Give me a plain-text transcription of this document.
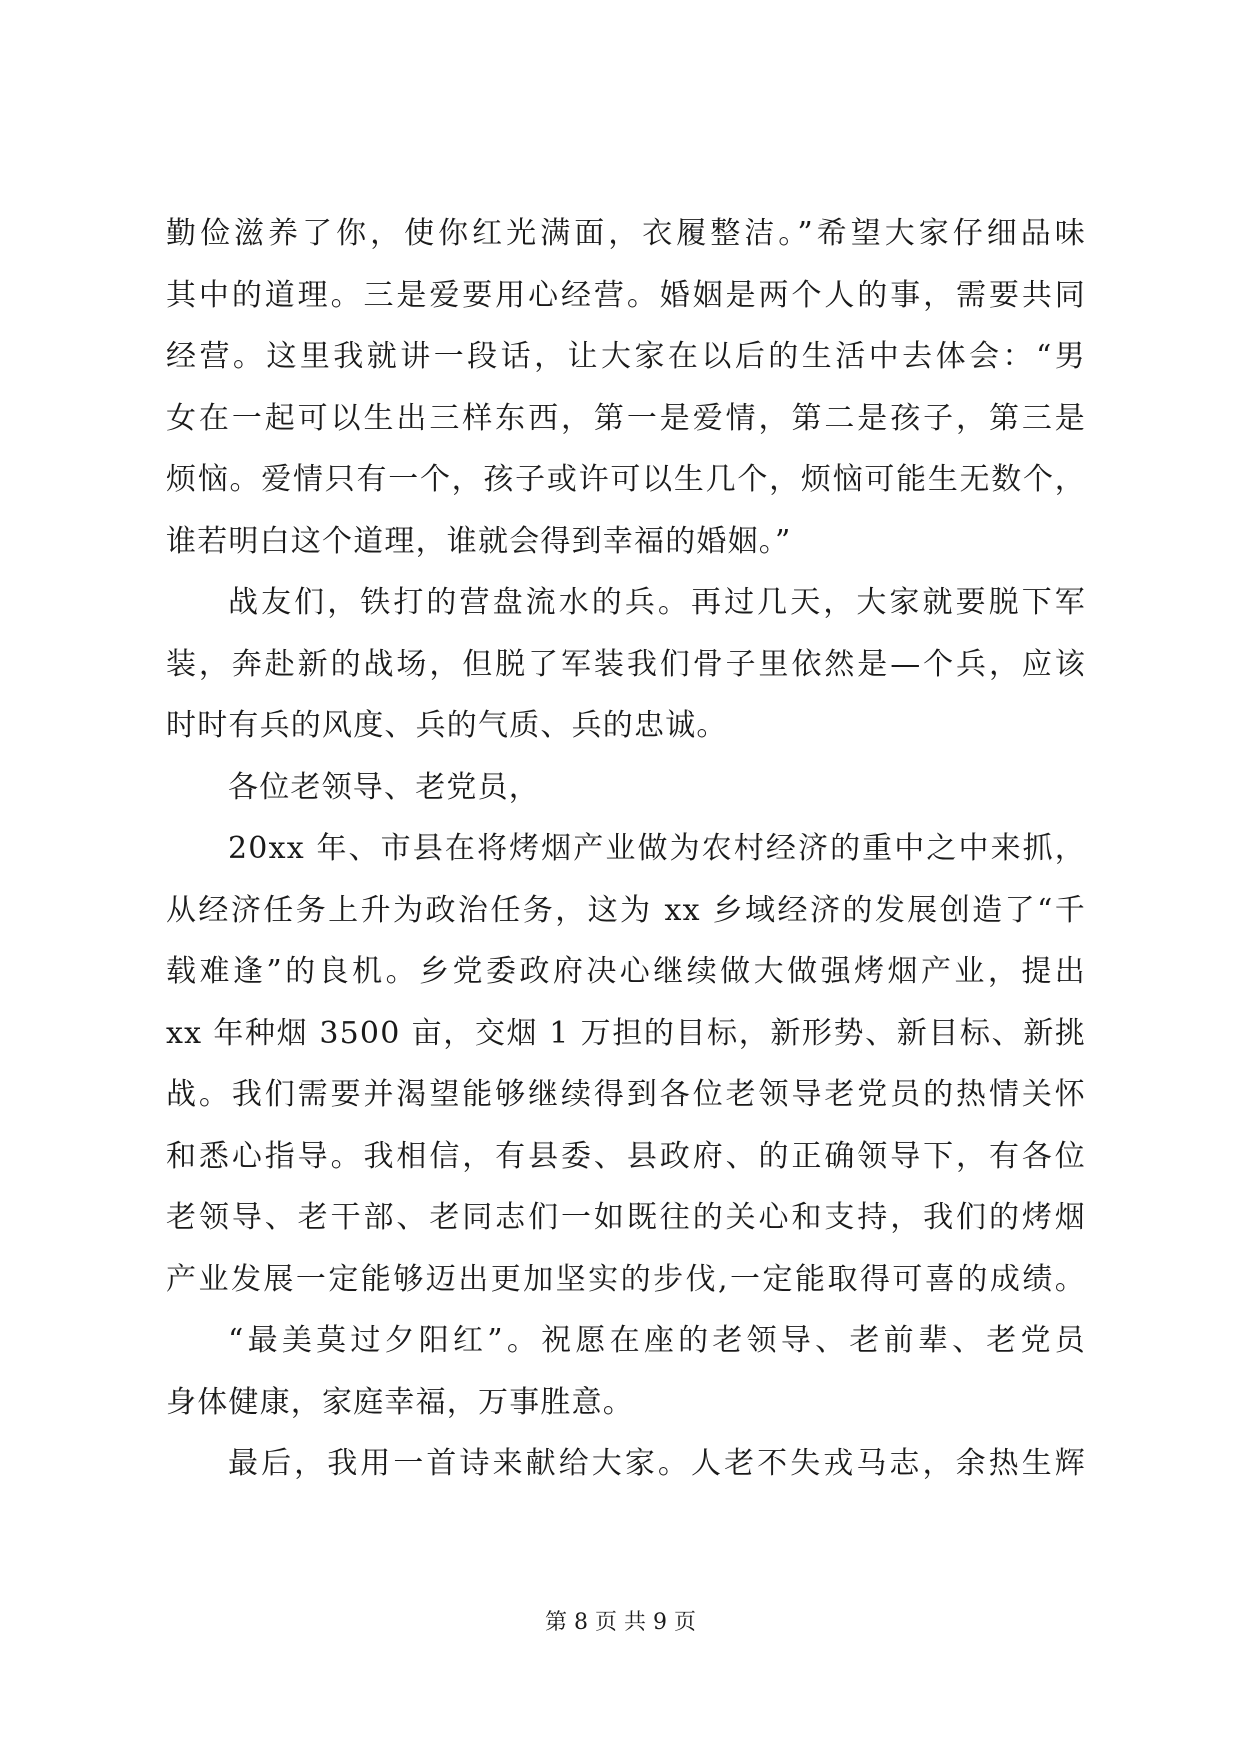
勤俭滋养了你，使你红光满面，衣履整洁。”希望大家仔细品味
其中的道理。三是爱要用心经营。婚姻是两个人的事，需要共同
经营。这里我就讲一段话，让大家在以后的生活中去体会：“男
女在一起可以生出三样东西，第一是爱情，第二是孩子，第三是
烦恼。爱情只有一个，孩子或许可以生几个，烦恼可能生无数个，
谁若明白这个道理，谁就会得到幸福的婚姻。”
战友们，铁打的营盘流水的兵。再过几天，大家就要脱下军
装，奔赴新的战场，但脱了军装我们骨子里依然是—个兵，应该
时时有兵的风度、兵的气质、兵的忠诚。
各位老领导、老党员，
20xx 年、市县在将烤烟产业做为农村经济的重中之中来抓，
从经济任务上升为政治任务，这为 xx 乡域经济的发展创造了“千
载难逢”的良机。乡党委政府决心继续做大做强烤烟产业，提出
xx 年种烟 3500 亩，交烟 1 万担的目标，新形势、新目标、新挑
战。我们需要并渴望能够继续得到各位老领导老党员的热情关怀
和悉心指导。我相信，有县委、县政府、的正确领导下，有各位
老领导、老干部、老同志们一如既往的关心和支持，我们的烤烟
产业发展一定能够迈出更加坚实的步伐,一定能取得可喜的成绩。
“最美莫过夕阳红”。祝愿在座的老领导、老前辈、老党员
身体健康，家庭幸福，万事胜意。
最后，我用一首诗来献给大家。人老不失戎马志，余热生辉
第 8 页 共 9 页
